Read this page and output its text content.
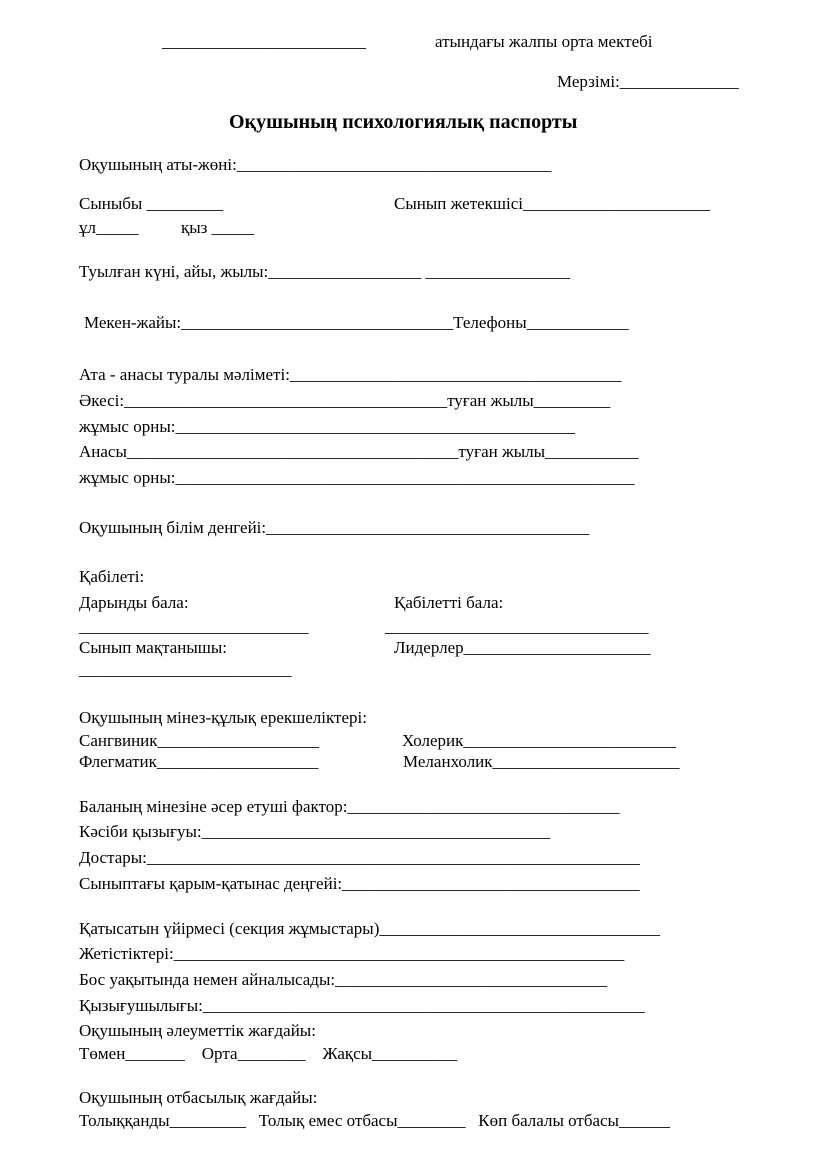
________________________	атындағы жалпы орта мектебі
Мерзімі:______________
Оқушының психологиялық паспорты
Оқушының аты-жөні:_____________________________________
Сыныбы _________	Сынып жетекшісі______________________
ұл_____          қыз _____
Туылған күні, айы, жылы:__________________ _________________
Мекен-жайы:________________________________Телефоны____________
Ата - анасы туралы мәліметі:_______________________________________
Әкесі:______________________________________туған жылы_________
жұмыс орны:_______________________________________________
Анасы_______________________________________туған жылы___________
жұмыс орны:______________________________________________________
Оқушының білім денгейі:______________________________________
Қабілеті:
Дарынды бала:	Қабілетті бала:
___________________________	_______________________________
Сынып мақтанышы:	Лидерлер______________________
_________________________
Оқушының мінез-құлық ерекшеліктері:
Сангвиник___________________	Холерик_________________________
Флегматик___________________	Меланхолик______________________
Баланың мінезіне әсер етуші фактор:________________________________
Кәсіби қызығуы:_________________________________________
Достары:__________________________________________________________
Сыныптағы қарым-қатынас деңгейі:___________________________________
Қатысатын үйірмесі (секция жұмыстары)_________________________________
Жетістіктері:_____________________________________________________
Бос уақытында немен айналысады:________________________________
Қызығушылығы:____________________________________________________
Оқушының әлеуметтік жағдайы:
Төмен_______    Орта________    Жақсы__________
Оқушының отбасылық жағдайы:
Толыққанды_________   Толық емес отбасы________   Көп балалы отбасы______
